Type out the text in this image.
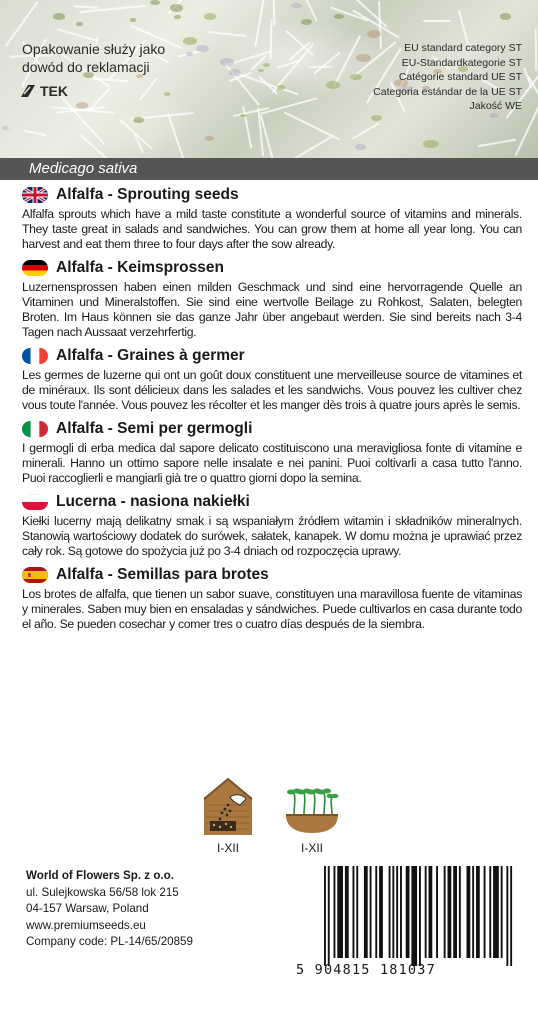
Opakowanie służy jako
dowód do reklamacji
TEK
EU standard category ST
EU-Standardkategorie ST
Catégorie standard UE ST
Categoria estándar de la UE ST
Jakość WE
Medicago sativa
Alfalfa - Sprouting seeds
Alfalfa sprouts which have a mild taste constitute a wonderful source of vitamins and minerals. They taste great in salads and sandwiches. You can grow them at home all year long. You can harvest and eat them three to four days after the sow already.
Alfalfa - Keimsprossen
Luzernensprossen haben einen milden Geschmack und sind eine hervorragende Quelle an Vitaminen und Mineralstoffen. Sie sind eine wertvolle Beilage zu Rohkost, Salaten, belegten Broten. Im Haus können sie das ganze Jahr über angebaut werden. Sie sind bereits nach 3-4 Tagen nach Aussaat verzehrfertig.
Alfalfa - Graines à germer
Les germes de luzerne qui ont un goût doux constituent une merveilleuse source de vitamines et de minéraux. Ils sont délicieux dans les salades et les sandwichs. Vous pouvez les cultiver chez vous toute l'année. Vous pouvez les récolter et les manger dès trois à quatre jours après le semis.
Alfalfa - Semi per germogli
I germogli di erba medica dal sapore delicato costituiscono una meravigliosa fonte di vitamine e minerali. Hanno un ottimo sapore nelle insalate e nei panini. Puoi coltivarli a casa tutto l'anno. Puoi raccoglierli e mangiarli già tre o quattro giorni dopo la semina.
Lucerna - nasiona nakiełki
Kiełki lucerny mają delikatny smak i są wspaniałym źródłem witamin i składników mineralnych. Stanowią wartościowy dodatek do surówek, sałatek, kanapek. W domu można je uprawiać przez cały rok. Są gotowe do spożycia już po 3-4 dniach od rozpoczęcia uprawy.
Alfalfa - Semillas para brotes
Los brotes de alfalfa, que tienen un sabor suave, constituyen una maravillosa fuente de vitaminas y minerales. Saben muy bien en ensaladas y sándwiches. Puede cultivarlos en casa durante todo el año. Se pueden cosechar y comer tres o cuatro días después de la siembra.
I-XII	I-XII
World of Flowers Sp. z o.o.
ul. Sulejkowska 56/58 lok 215
04-157 Warsaw, Poland
www.premiumseeds.eu
Company code: PL-14/65/20859
5 904815 181037
